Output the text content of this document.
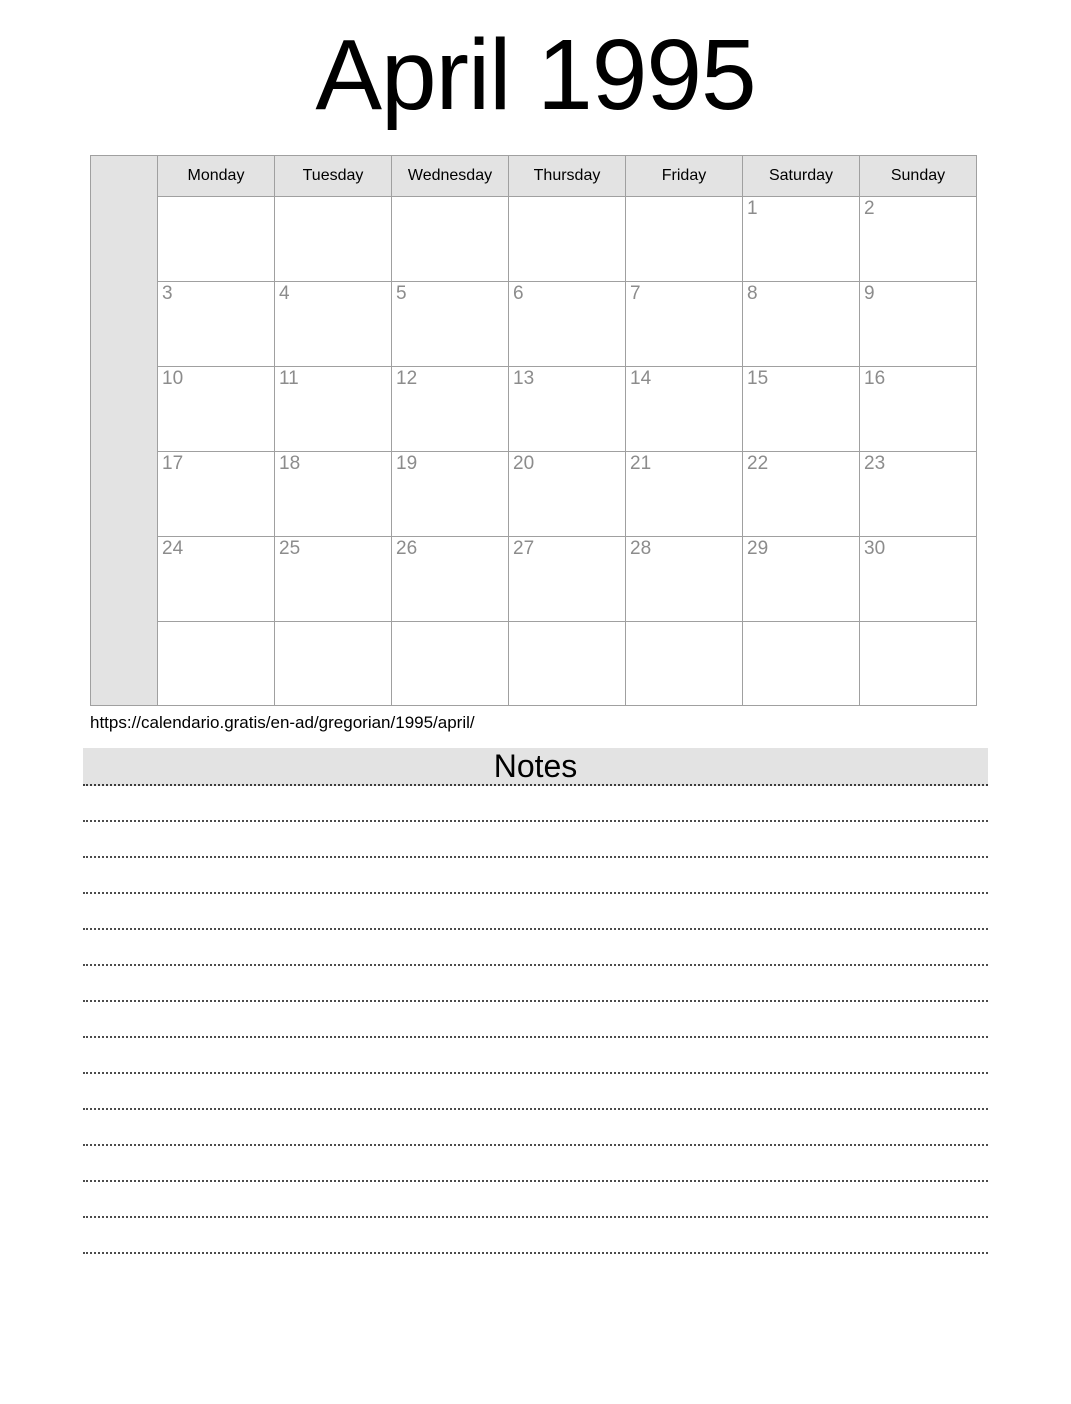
April 1995
	Monday	Tuesday	Wednesday	Thursday	Friday	Saturday	Sunday
						1	2
	3	4	5	6	7	8	9
	10	11	12	13	14	15	16
	17	18	19	20	21	22	23
	24	25	26	27	28	29	30

https://calendario.gratis/en-ad/gregorian/1995/april/
Notes
